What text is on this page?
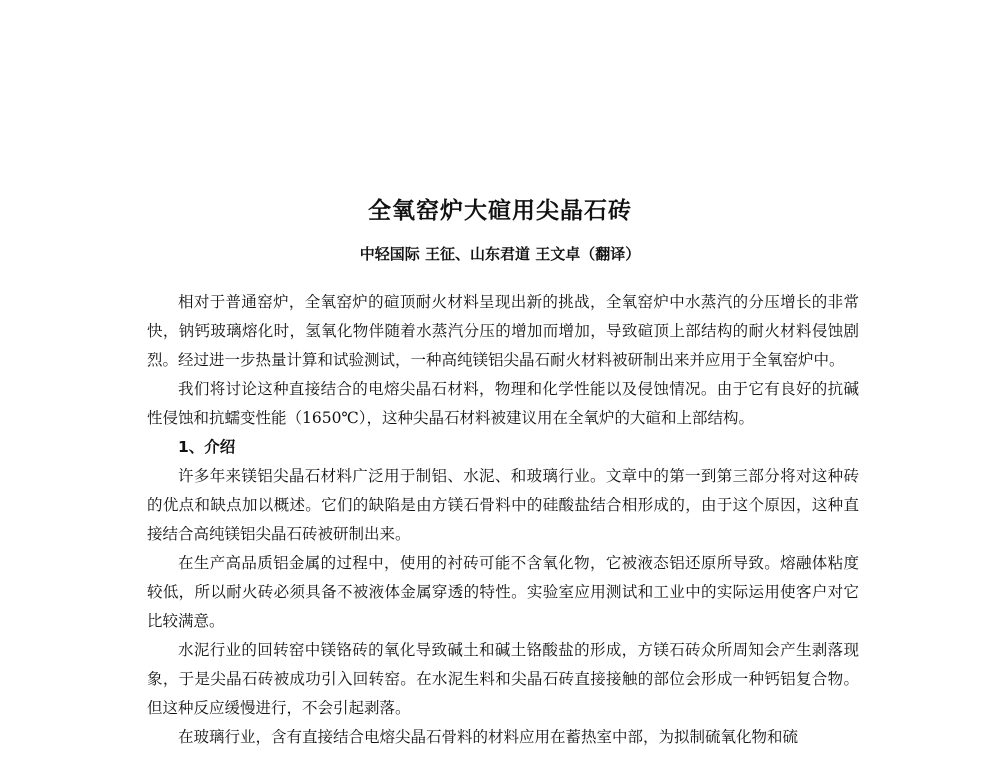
全氧窑炉大碹用尖晶石砖
中轻国际 王征、山东君道 王文卓（翻译）

相对于普通窑炉，全氧窑炉的碹顶耐火材料呈现出新的挑战，全氧窑炉中水蒸汽的分压增长的非常快，钠钙玻璃熔化时，氢氧化物伴随着水蒸汽分压的增加而增加，导致碹顶上部结构的耐火材料侵蚀剧烈。经过进一步热量计算和试验测试，一种高纯镁铝尖晶石耐火材料被研制出来并应用于全氧窑炉中。

我们将讨论这种直接结合的电熔尖晶石材料，物理和化学性能以及侵蚀情况。由于它有良好的抗碱性侵蚀和抗蠕变性能（1650℃），这种尖晶石材料被建议用在全氧炉的大碹和上部结构。

1、介绍

许多年来镁铝尖晶石材料广泛用于制铝、水泥、和玻璃行业。文章中的第一到第三部分将对这种砖的优点和缺点加以概述。它们的缺陷是由方镁石骨料中的硅酸盐结合相形成的，由于这个原因，这种直接结合高纯镁铝尖晶石砖被研制出来。

在生产高品质铝金属的过程中，使用的衬砖可能不含氧化物，它被液态铝还原所导致。熔融体粘度较低，所以耐火砖必须具备不被液体金属穿透的特性。实验室应用测试和工业中的实际运用使客户对它比较满意。

水泥行业的回转窑中镁铬砖的氧化导致碱土和碱土铬酸盐的形成，方镁石砖众所周知会产生剥落现象，于是尖晶石砖被成功引入回转窑。在水泥生料和尖晶石砖直接接触的部位会形成一种钙铝复合物。但这种反应缓慢进行，不会引起剥落。

在玻璃行业，含有直接结合电熔尖晶石骨料的材料应用在蓄热室中部，为拟制硫氧化物和硫
